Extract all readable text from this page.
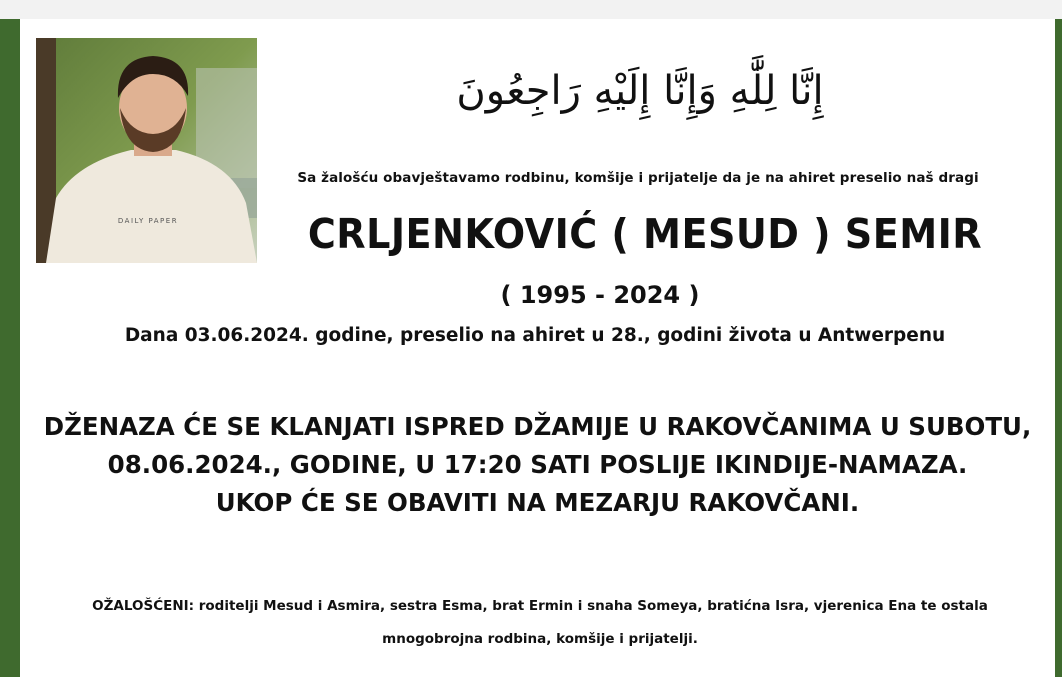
DAILY PAPER
إِنَّا لِلَّٰهِ وَإِنَّا إِلَيْهِ رَاجِعُونَ
Sa žalošću obavještavamo rodbinu, komšije i prijatelje da je na ahiret preselio naš dragi
CRLJENKOVIĆ ( MESUD ) SEMIR
( 1995 - 2024 )
Dana 03.06.2024. godine, preselio na ahiret u 28., godini života u Antwerpenu
DŽENAZA ĆE SE KLANJATI ISPRED DŽAMIJE U RAKOVČANIMA U SUBOTU,
08.06.2024., GODINE, U 17:20 SATI POSLIJE IKINDIJE-NAMAZA.
UKOP ĆE SE OBAVITI NA MEZARJU RAKOVČANI.
OŽALOŠĆENI: roditelji Mesud i Asmira, sestra Esma, brat Ermin i snaha Someya, bratićna Isra, vjerenica Ena te ostala
mnogobrojna rodbina, komšije i prijatelji.
